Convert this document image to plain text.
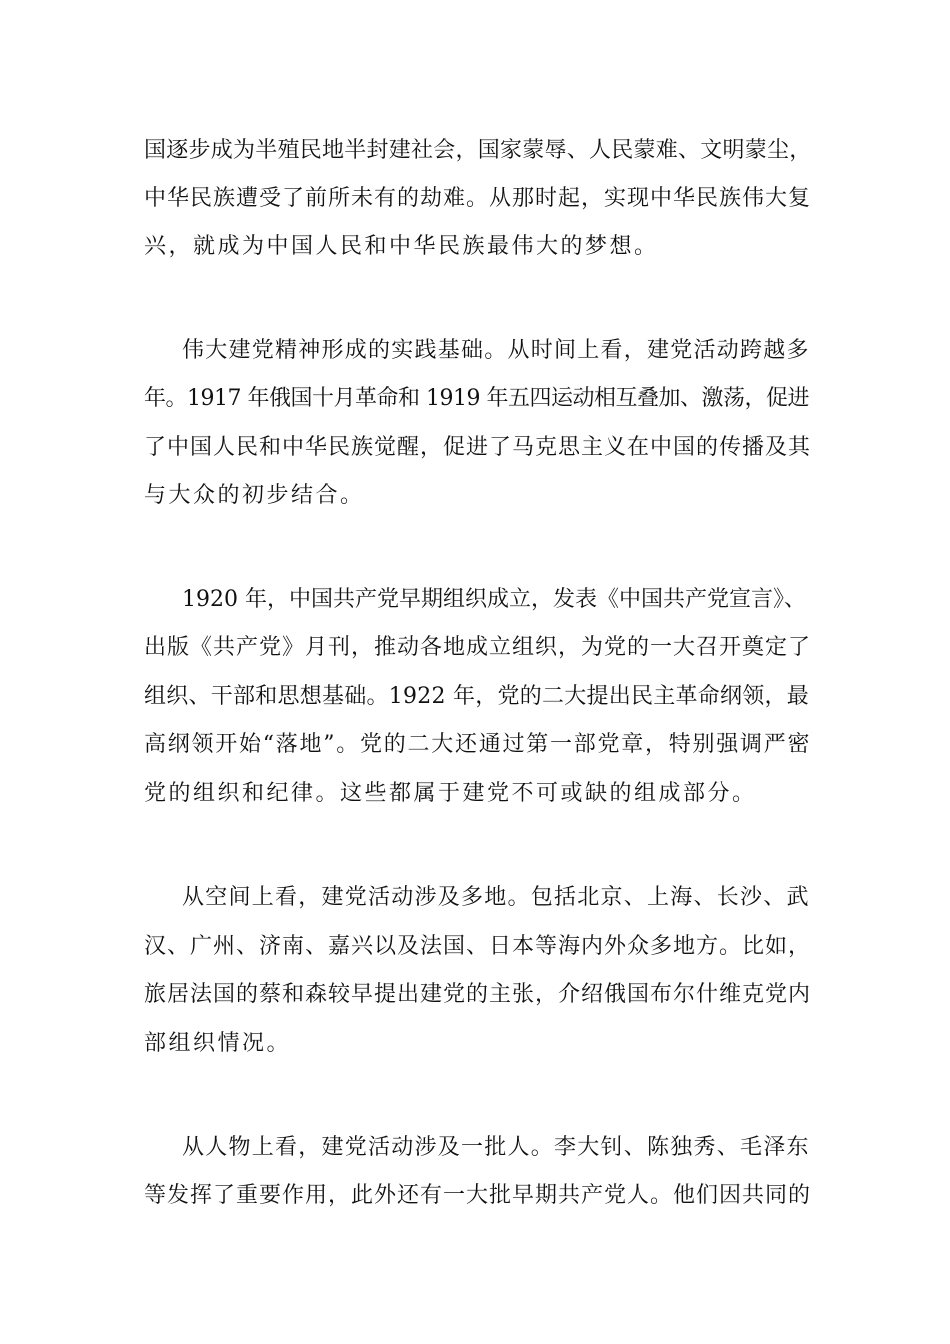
国逐步成为半殖民地半封建社会，国家蒙辱、人民蒙难、文明蒙尘，
中华民族遭受了前所未有的劫难。从那时起，实现中华民族伟大复
兴，就成为中国人民和中华民族最伟大的梦想。
伟大建党精神形成的实践基础。从时间上看，建党活动跨越多
年。1917 年俄国十月革命和 1919 年五四运动相互叠加、激荡，促进
了中国人民和中华民族觉醒，促进了马克思主义在中国的传播及其
与大众的初步结合。
1920 年，中国共产党早期组织成立，发表《中国共产党宣言》、
出版《共产党》月刊，推动各地成立组织，为党的一大召开奠定了
组织、干部和思想基础。1922 年，党的二大提出民主革命纲领，最
高纲领开始“落地”。党的二大还通过第一部党章，特别强调严密
党的组织和纪律。这些都属于建党不可或缺的组成部分。
从空间上看，建党活动涉及多地。包括北京、上海、长沙、武
汉、广州、济南、嘉兴以及法国、日本等海内外众多地方。比如，
旅居法国的蔡和森较早提出建党的主张，介绍俄国布尔什维克党内
部组织情况。
从人物上看，建党活动涉及一批人。李大钊、陈独秀、毛泽东
等发挥了重要作用，此外还有一大批早期共产党人。他们因共同的
